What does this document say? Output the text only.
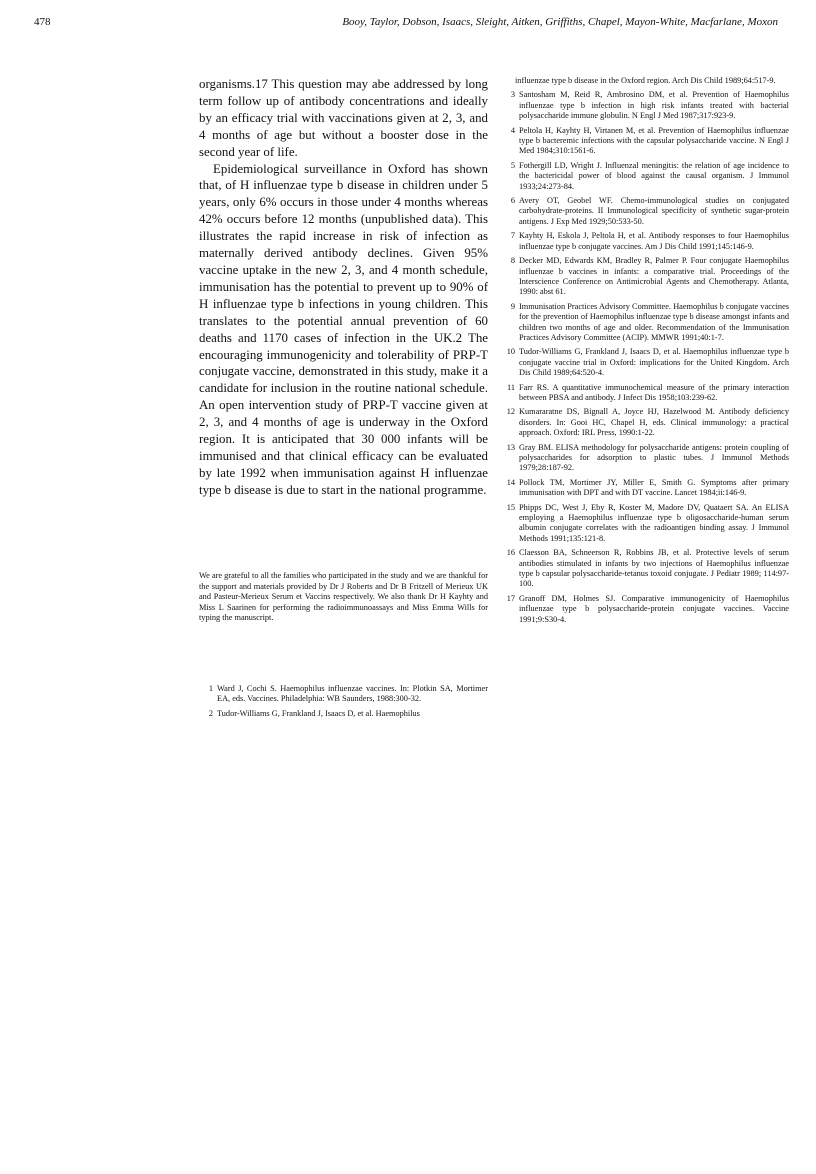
478	Booy, Taylor, Dobson, Isaacs, Sleight, Aitken, Griffiths, Chapel, Mayon-White, Macfarlane, Moxon

organisms.17 This question may abe addressed by long term follow up of antibody concentrations and ideally by an efficacy trial with vaccinations given at 2, 3, and 4 months of age but without a booster dose in the second year of life.

Epidemiological surveillance in Oxford has shown that, of H influenzae type b disease in children under 5 years, only 6% occurs in those under 4 months whereas 42% occurs before 12 months (unpublished data). This illustrates the rapid increase in risk of infection as maternally derived antibody declines. Given 95% vaccine uptake in the new 2, 3, and 4 month schedule, immunisation has the potential to prevent up to 90% of H influenzae type b infections in young children. This translates to the potential annual prevention of 60 deaths and 1170 cases of infection in the UK.2 The encouraging immunogenicity and tolerability of PRP-T conjugate vaccine, demonstrated in this study, make it a candidate for inclusion in the routine national schedule. An open intervention study of PRP-T vaccine given at 2, 3, and 4 months of age is underway in the Oxford region. It is anticipated that 30 000 infants will be immunised and that clinical efficacy can be evaluated by late 1992 when immunisation against H influenzae type b disease is due to start in the national programme.

We are grateful to all the families who participated in the study and we are thankful for the support and materials provided by Dr J Roberts and Dr B Fritzell of Merieux UK and Pasteur-Merieux Serum et Vaccins respectively. We also thank Dr H Kayhty and Miss L Saarinen for performing the radioimmunoassays and Miss Emma Wills for typing the manuscript.

1 Ward J, Cochi S. Haemophilus influenzae vaccines. In: Plotkin SA, Mortimer EA, eds. Vaccines. Philadelphia: WB Saunders, 1988:300-32.
2 Tudor-Williams G, Frankland J, Isaacs D, et al. Haemophilus

influenzae type b disease in the Oxford region. Arch Dis Child 1989;64:517-9.

3 Santosham M, Reid R, Ambrosino DM, et al. Prevention of Haemophilus influenzae type b infection in high risk infants treated with bacterial polysaccharide immune globulin. N Engl J Med 1987;317:923-9.
4 Peltola H, Kayhty H, Virtanen M, et al. Prevention of Haemophilus influenzae type b bacteremic infections with the capsular polysaccharide vaccine. N Engl J Med 1984;310:1561-6.
5 Fothergill LD, Wright J. Influenzal meningitis: the relation of age incidence to the bactericidal power of blood against the causal organism. J Immunol 1933;24:273-84.
6 Avery OT, Geobel WF. Chemo-immunological studies on conjugated carbohydrate-proteins. II Immunological specificity of synthetic sugar-protein antigens. J Exp Med 1929;50:533-50.
7 Kayhty H, Eskola J, Peltola H, et al. Antibody responses to four Haemophilus influenzae type b conjugate vaccines. Am J Dis Child 1991;145:146-9.
8 Decker MD, Edwards KM, Bradley R, Palmer P. Four conjugate Haemophilus influenzae b vaccines in infants: a comparative trial. Proceedings of the Interscience Conference on Antimicrobial Agents and Chemotherapy. Atlanta, 1990: abst 61.
9 Immunisation Practices Advisory Committee. Haemophilus b conjugate vaccines for the prevention of Haemophilus influenzae type b disease amongst infants and children two months of age and older. Recommendation of the Immunisation Practices Advisory Committee (ACIP). MMWR 1991;40:1-7.
10 Tudor-Williams G, Frankland J, Isaacs D, et al. Haemophilus influenzae type b conjugate vaccine trial in Oxford: implications for the United Kingdom. Arch Dis Child 1989;64:520-4.
11 Farr RS. A quantitative immunochemical measure of the primary interaction between PBSA and antibody. J Infect Dis 1958;103:239-62.
12 Kumararatne DS, Bignall A, Joyce HJ, Hazelwood M. Antibody deficiency disorders. In: Gooi HC, Chapel H, eds. Clinical immunology: a practical approach. Oxford: IRL Press, 1990:1-22.
13 Gray BM. ELISA methodology for polysaccharide antigens: protein coupling of polysaccharides for adsorption to plastic tubes. J Immunol Methods 1979;28:187-92.
14 Pollock TM, Mortimer JY, Miller E, Smith G. Symptoms after primary immunisation with DPT and with DT vaccine. Lancet 1984;ii:146-9.
15 Phipps DC, West J, Eby R, Koster M, Madore DV, Quataert SA. An ELISA employing a Haemophilus influenzae type b oligosaccharide-human serum albumin conjugate correlates with the radioantigen binding assay. J Immunol Methods 1991;135:121-8.
16 Claesson BA, Schneerson R, Robbins JB, et al. Protective levels of serum antibodies stimulated in infants by two injections of Haemophilus influenzae type b capsular polysaccharide-tetanus toxoid conjugate. J Pediatr 1989; 114:97-100.
17 Granoff DM, Holmes SJ. Comparative immunogenicity of Haemophilus influenzae type b polysaccharide-protein conjugate vaccines. Vaccine 1991;9:S30-4.
